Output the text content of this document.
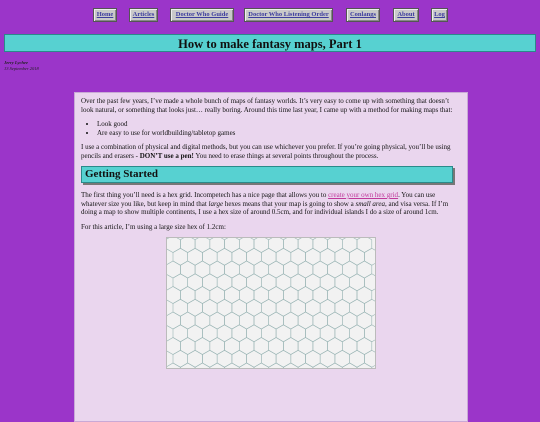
Home	Articles	Doctor Who Guide	Doctor Who Listening Order	Conlangs	About	Log
How to make fantasy maps, Part 1
Jerry Lychee
13 September 2018

Over the past few years, I’ve made a whole bunch of maps of fantasy worlds. It’s very easy to come up with something that doesn’t look natural, or something that looks just… really boring. Around this time last year, I came up with a method for making maps that:

• Look good
• Are easy to use for worldbuilding/tabletop games

I use a combination of physical and digital methods, but you can use whichever you prefer. If you’re going physical, you’ll be using pencils and erasers - DON’T use a pen! You need to erase things at several points throughout the process.

Getting Started

The first thing you’ll need is a hex grid. Incompetech has a nice page that allows you to create your own hex grid. You can use whatever size you like, but keep in mind that large hexes means that your map is going to show a small area, and visa versa. If I’m doing a map to show multiple continents, I use a hex size of around 0.5cm, and for individual islands I do a size of around 1cm.

For this article, I’m using a large size hex of 1.2cm:
